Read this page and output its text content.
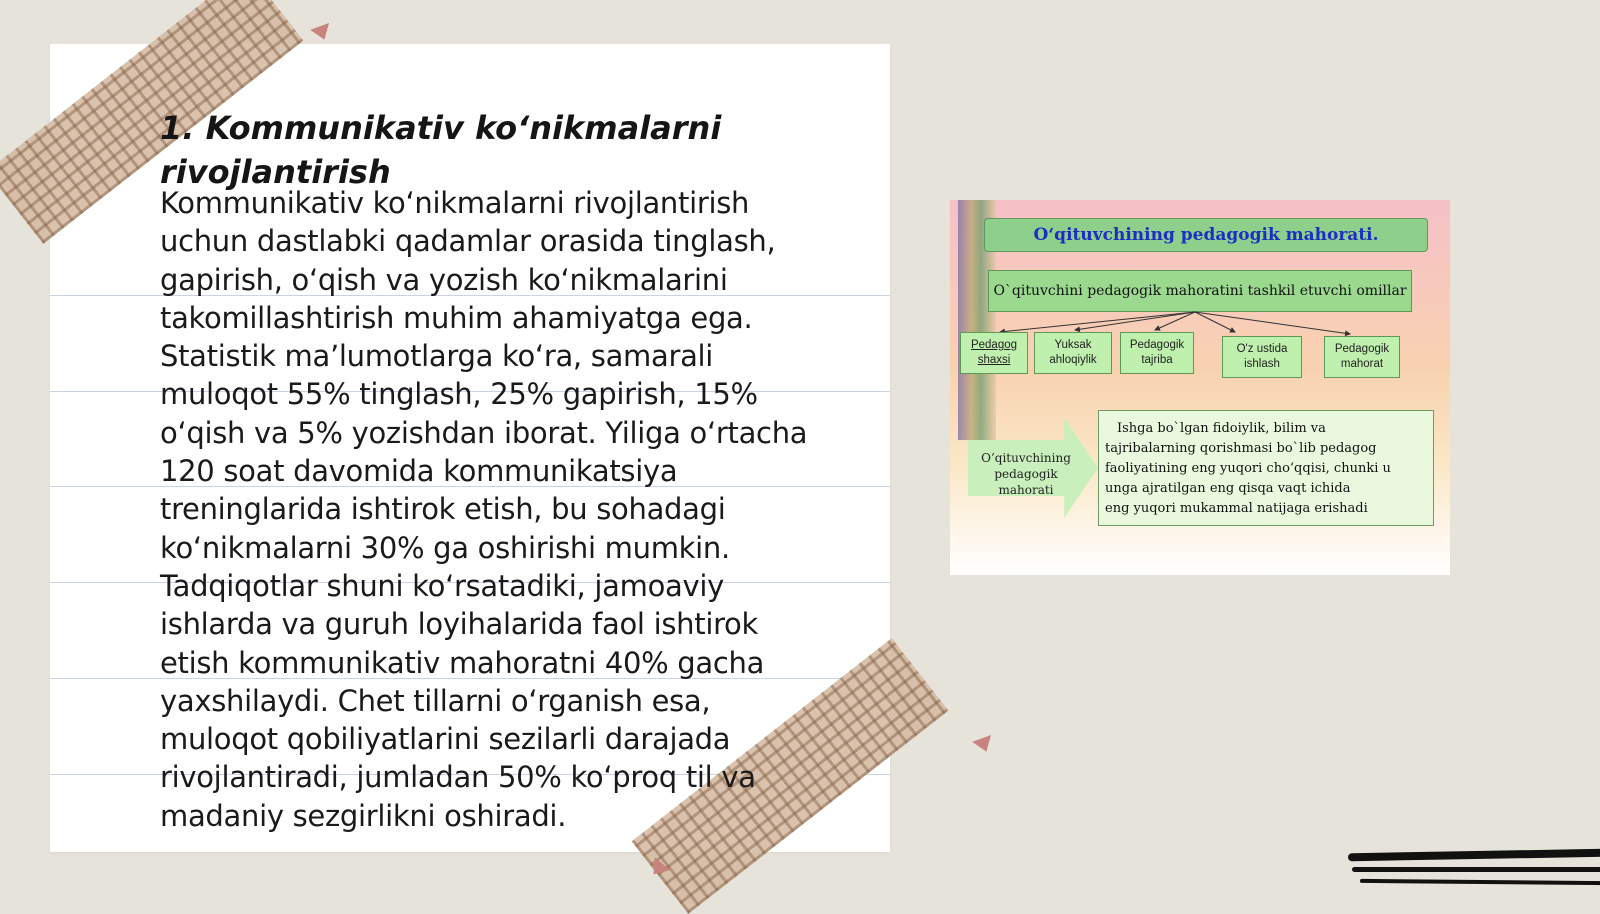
1. Kommunikativ ko‘nikmalarni rivojlantirish

Kommunikativ ko‘nikmalarni rivojlantirish uchun dastlabki qadamlar orasida tinglash, gapirish, o‘qish va yozish ko‘nikmalarini takomillashtirish muhim ahamiyatga ega. Statistik ma’lumotlarga ko‘ra, samarali muloqot 55% tinglash, 25% gapirish, 15% o‘qish va 5% yozishdan iborat. Yiliga o‘rtacha 120 soat davomida kommunikatsiya treninglarida ishtirok etish, bu sohadagi ko‘nikmalarni 30% ga oshirishi mumkin. Tadqiqotlar shuni ko‘rsatadiki, jamoaviy ishlarda va guruh loyihalarida faol ishtirok etish kommunikativ mahoratni 40% gacha yaxshilaydi. Chet tillarni o‘rganish esa, muloqot qobiliyatlarini sezilarli darajada rivojlantiradi, jumladan 50% ko‘proq til va madaniy sezgirlikni oshiradi.

O‘qituvchining pedagogik mahorati.
O`qituvchini pedagogik mahoratini tashkil etuvchi omillar
Pedagog shaxsi
Yuksak ahloqiylik
Pedagogik tajriba
O'z ustida ishlash
Pedagogik mahorat
O’qituvchining pedagogik mahorati
Ishga bo`lgan fidoiylik, bilim va
tajribalarning qorishmasi bo`lib pedagog
faoliyatining eng yuqori cho‘qqisi, chunki u
unga ajratilgan eng qisqa vaqt ichida
eng yuqori mukammal natijaga erishadi
